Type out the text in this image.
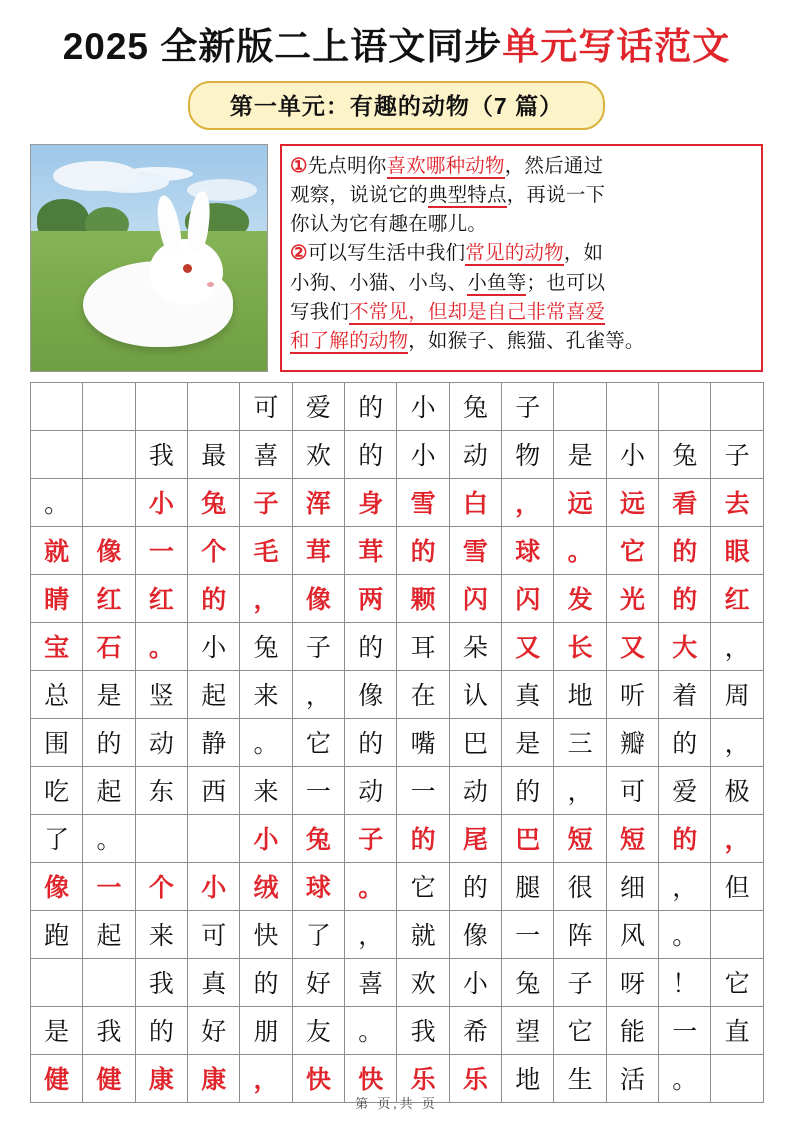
2025 全新版二上语文同步单元写话范文
第一单元：有趣的动物（7 篇）

①先点明你喜欢哪种动物，然后通过

观察，说说它的典型特点，再说一下

你认为它有趣在哪儿。

②可以写生活中我们常见的动物，如

小狗、小猫、小鸟、小鱼等；也可以

写我们不常见，但却是自己非常喜爱

和了解的动物，如猴子、熊猫、孔雀等。

				可	爱	的	小	兔	子				
		我	最	喜	欢	的	小	动	物	是	小	兔	子
。		小	兔	子	浑	身	雪	白	，	远	远	看	去
就	像	一	个	毛	茸	茸	的	雪	球	。	它	的	眼
睛	红	红	的	，	像	两	颗	闪	闪	发	光	的	红
宝	石	。	小	兔	子	的	耳	朵	又	长	又	大	，
总	是	竖	起	来	，	像	在	认	真	地	听	着	周
围	的	动	静	。	它	的	嘴	巴	是	三	瓣	的	，
吃	起	东	西	来	一	动	一	动	的	，	可	爱	极
了	。			小	兔	子	的	尾	巴	短	短	的	，
像	一	个	小	绒	球	。	它	的	腿	很	细	，	但
跑	起	来	可	快	了	，	就	像	一	阵	风	。	
		我	真	的	好	喜	欢	小	兔	子	呀	！	它
是	我	的	好	朋	友	。	我	希	望	它	能	一	直
健	健	康	康	，	快	快	乐	乐	地	生	活	。	
第 页,共 页
